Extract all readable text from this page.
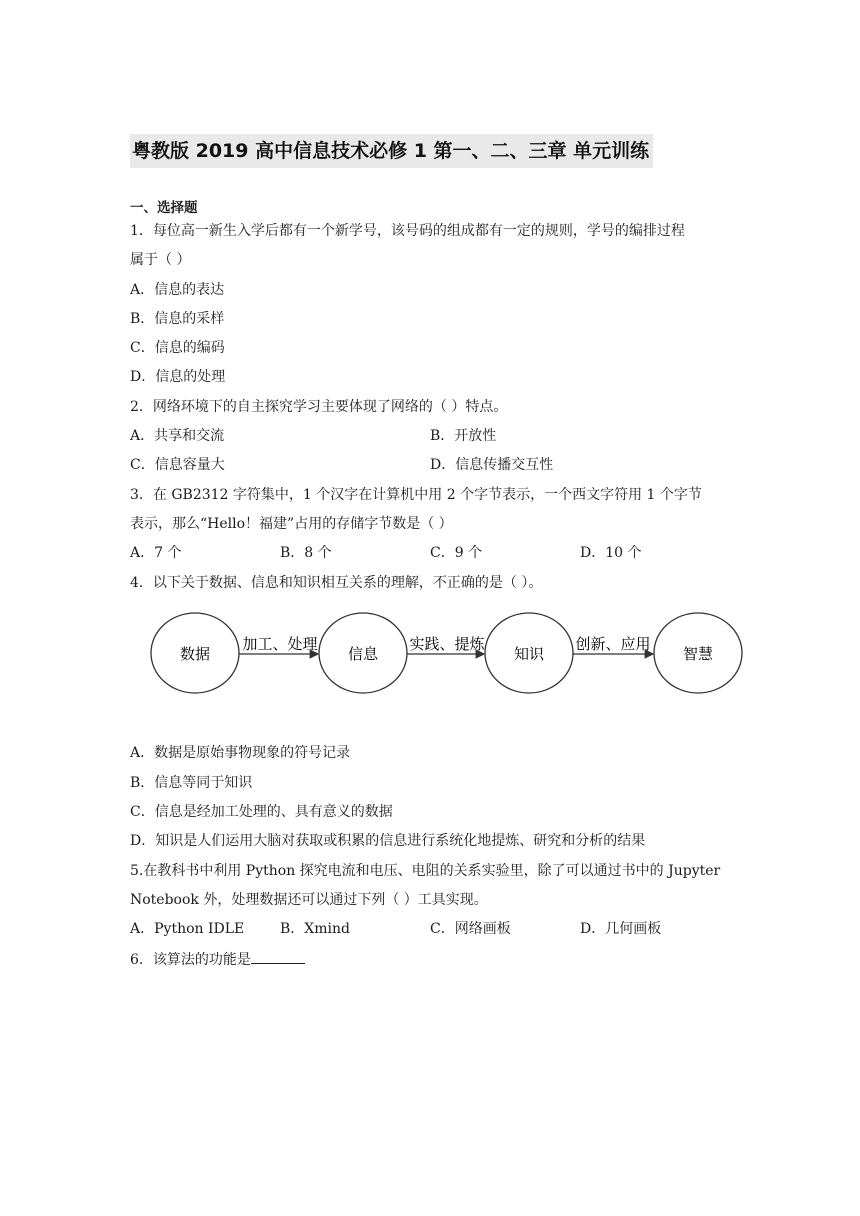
粤教版 2019 高中信息技术必修 1 第一、二、三章 单元训练
一、选择题
1．每位高一新生入学后都有一个新学号，该号码的组成都有一定的规则，学号的编排过程
属于（ ）
A．信息的表达
B．信息的采样
C．信息的编码
D．信息的处理
2．网络环境下的自主探究学习主要体现了网络的（ ）特点。
A．共享和交流	B．开放性
C．信息容量大	D．信息传播交互性
3．在 GB2312 字符集中，1 个汉字在计算机中用 2 个字节表示，一个西文字符用 1 个字节
表示，那么“Hello！福建”占用的存储字节数是（ ）
A．7 个	B．8 个	C．9 个	D．10 个
4．以下关于数据、信息和知识相互关系的理解，不正确的是（ ）。
数据	信息	知识	智慧
加工、处理	实践、提炼	创新、应用
A．数据是原始事物现象的符号记录
B．信息等同于知识
C．信息是经加工处理的、具有意义的数据
D．知识是人们运用大脑对获取或积累的信息进行系统化地提炼、研究和分析的结果
5.在教科书中利用 Python 探究电流和电压、电阻的关系实验里，除了可以通过书中的 Jupyter
Notebook 外，处理数据还可以通过下列（ ）工具实现。
A．Python IDLE	B．Xmind	C．网络画板	D．几何画板
6．该算法的功能是
